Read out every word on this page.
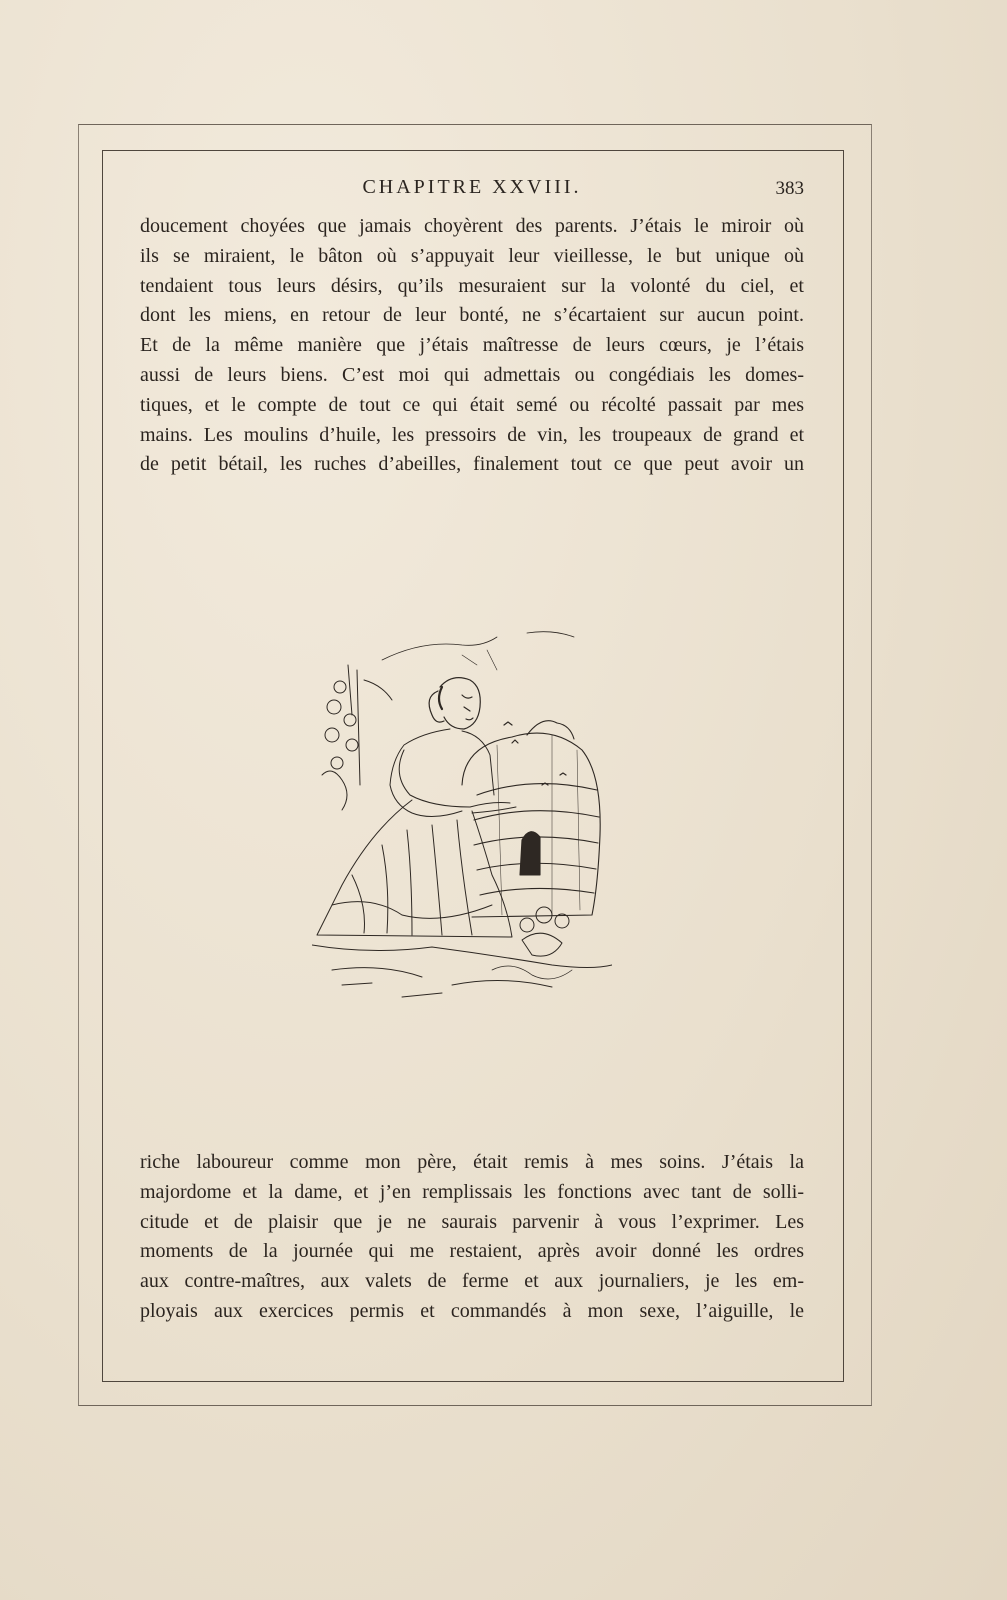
CHAPITRE XXVIII.	383
doucement choyées que jamais choyèrent des parents. J’étais le miroir où
ils se miraient, le bâton où s’appuyait leur vieillesse, le but unique où
tendaient tous leurs désirs, qu’ils mesuraient sur la volonté du ciel, et
dont les miens, en retour de leur bonté, ne s’écartaient sur aucun point.
Et de la même manière que j’étais maîtresse de leurs cœurs, je l’étais
aussi de leurs biens. C’est moi qui admettais ou congédiais les domes-
tiques, et le compte de tout ce qui était semé ou récolté passait par mes
mains. Les moulins d’huile, les pressoirs de vin, les troupeaux de grand et
de petit bétail, les ruches d’abeilles, finalement tout ce que peut avoir un
riche laboureur comme mon père, était remis à mes soins. J’étais la
majordome et la dame, et j’en remplissais les fonctions avec tant de solli-
citude et de plaisir que je ne saurais parvenir à vous l’exprimer. Les
moments de la journée qui me restaient, après avoir donné les ordres
aux contre-maîtres, aux valets de ferme et aux journaliers, je les em-
ployais aux exercices permis et commandés à mon sexe, l’aiguille, le
